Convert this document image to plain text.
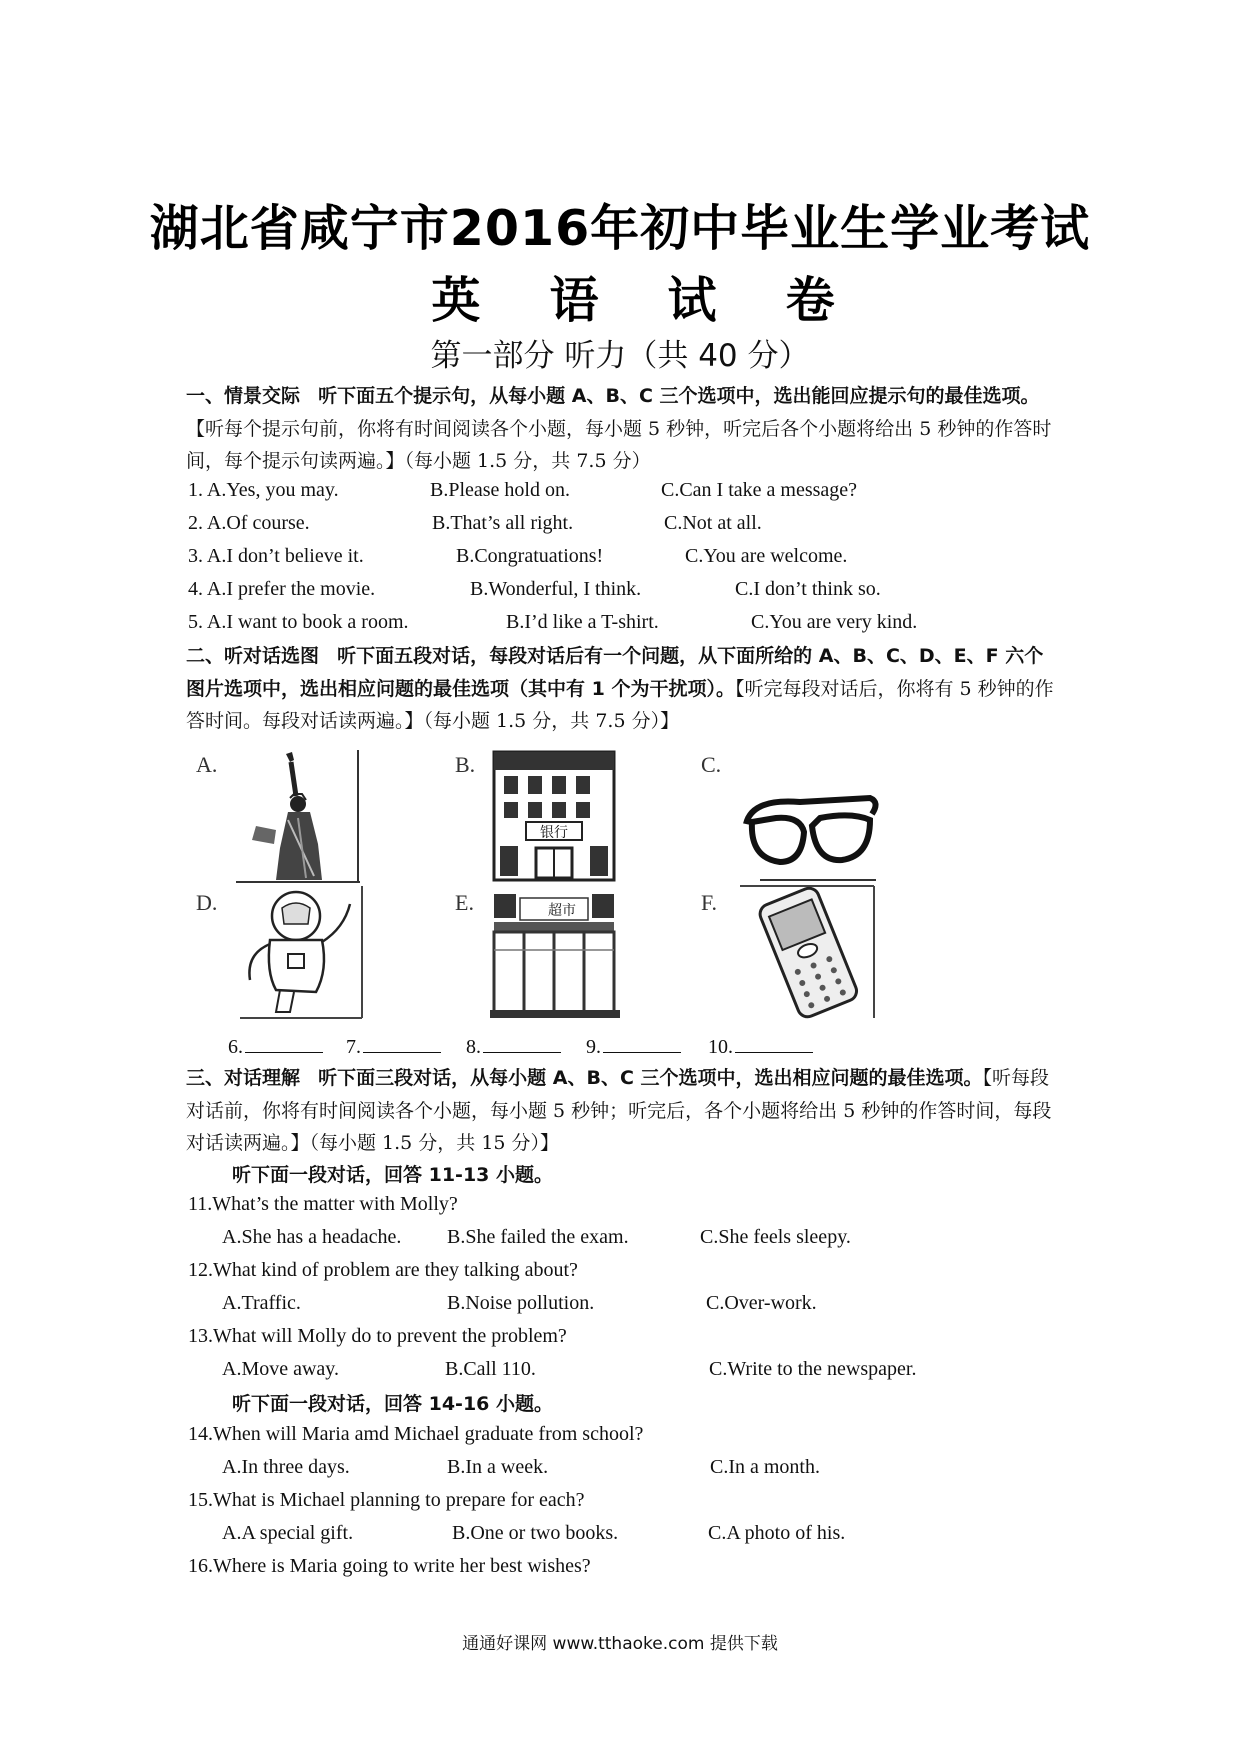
湖北省咸宁市2016年初中毕业生学业考试
英 语 试 卷
第一部分 听力（共 40 分）
一、情景交际 听下面五个提示句，从每小题 A、B、C 三个选项中，选出能回应提示句的最佳选项。【听每个提示句前，你将有时间阅读各个小题，每小题 5 秒钟，听完后各个小题将给出 5 秒钟的作答时间，每个提示句读两遍。】（每小题 1.5 分，共 7.5 分）
1. A.Yes, you may.	B.Please hold on.	C.Can I take a message?
2. A.Of course.	B.That’s all right.	C.Not at all.
3. A.I don’t believe it.	B.Congratuations!	C.You are welcome.
4. A.I prefer the movie.	B.Wonderful, I think.	C.I don’t think so.
5. A.I want to book a room.	B.I’d like a T-shirt.	C.You are very kind.
二、听对话选图 听下面五段对话，每段对话后有一个问题，从下面所给的 A、B、C、D、E、F 六个图片选项中，选出相应问题的最佳选项（其中有 1 个为干扰项）。【听完每段对话后，你将有 5 秒钟的作答时间。每段对话读两遍。】（每小题 1.5 分，共 7.5 分）】
A.	B.
银行
C.
D.	E.	超市	F.
6.	7.	8.	9.	10.
三、对话理解 听下面三段对话，从每小题 A、B、C 三个选项中，选出相应问题的最佳选项。【听每段对话前，你将有时间阅读各个小题，每小题 5 秒钟；听完后，各个小题将给出 5 秒钟的作答时间，每段对话读两遍。】（每小题 1.5 分，共 15 分）】
听下面一段对话，回答 11-13 小题。
11.What’s the matter with Molly?
A.She has a headache. B.She failed the exam.	C.She feels sleepy.
12.What kind of problem are they talking about?
A.Traffic.	B.Noise pollution.	C.Over-work.
13.What will Molly do to prevent the problem?
A.Move away.	B.Call 110.	C.Write to the newspaper.
听下面一段对话，回答 14-16 小题。
14.When will Maria amd Michael graduate from school?
A.In three days.	B.In a week.	C.In a month.
15.What is Michael planning to prepare for each?
A.A special gift.	B.One or two books.	C.A photo of his.
16.Where is Maria going to write her best wishes?
通通好课网 www.tthaoke.com 提供下载
